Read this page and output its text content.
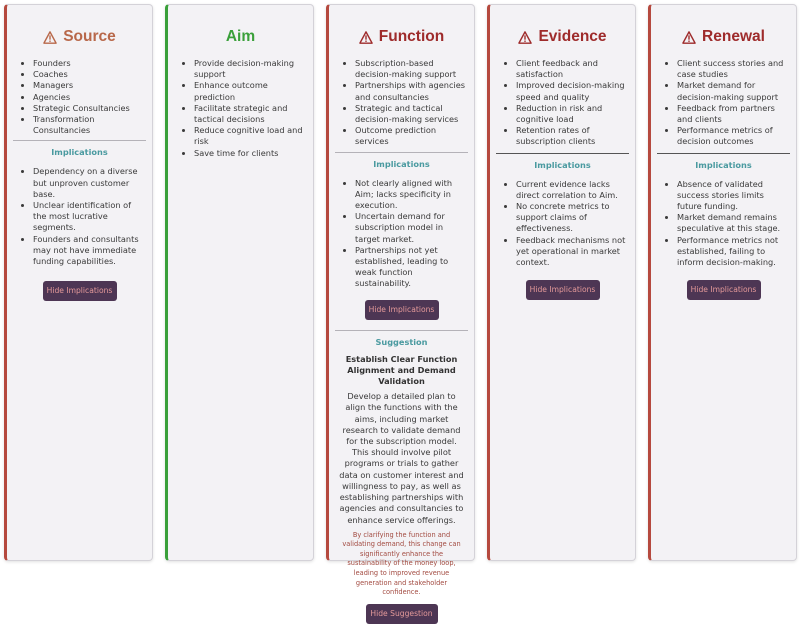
Source
• Founders
• Coaches
• Managers
• Agencies
• Strategic Consultancies
• Transformation Consultancies
Implications
• Dependency on a diverse but unproven customer base.
• Unclear identification of the most lucrative segments.
• Founders and consultants may not have immediate funding capabilities.
Hide Implications
Aim
• Provide decision-making support
• Enhance outcome prediction
• Facilitate strategic and tactical decisions
• Reduce cognitive load and risk
• Save time for clients
Function
• Subscription-based decision-making support
• Partnerships with agencies and consultancies
• Strategic and tactical decision-making services
• Outcome prediction services
Implications
• Not clearly aligned with Aim; lacks specificity in execution.
• Uncertain demand for subscription model in target market.
• Partnerships not yet established, leading to weak function sustainability.
Hide Implications
Suggestion
Establish Clear Function Alignment and Demand Validation
Develop a detailed plan to align the functions with the aims, including market research to validate demand for the subscription model. This should involve pilot programs or trials to gather data on customer interest and willingness to pay, as well as establishing partnerships with agencies and consultancies to enhance service offerings.
By clarifying the function and validating demand, this change can significantly enhance the sustainability of the money loop, leading to improved revenue generation and stakeholder confidence.
Hide Suggestion
Evidence
• Client feedback and satisfaction
• Improved decision-making speed and quality
• Reduction in risk and cognitive load
• Retention rates of subscription clients
Implications
• Current evidence lacks direct correlation to Aim.
• No concrete metrics to support claims of effectiveness.
• Feedback mechanisms not yet operational in market context.
Hide Implications
Renewal
• Client success stories and case studies
• Market demand for decision-making support
• Feedback from partners and clients
• Performance metrics of decision outcomes
Implications
• Absence of validated success stories limits future funding.
• Market demand remains speculative at this stage.
• Performance metrics not established, failing to inform decision-making.
Hide Implications
